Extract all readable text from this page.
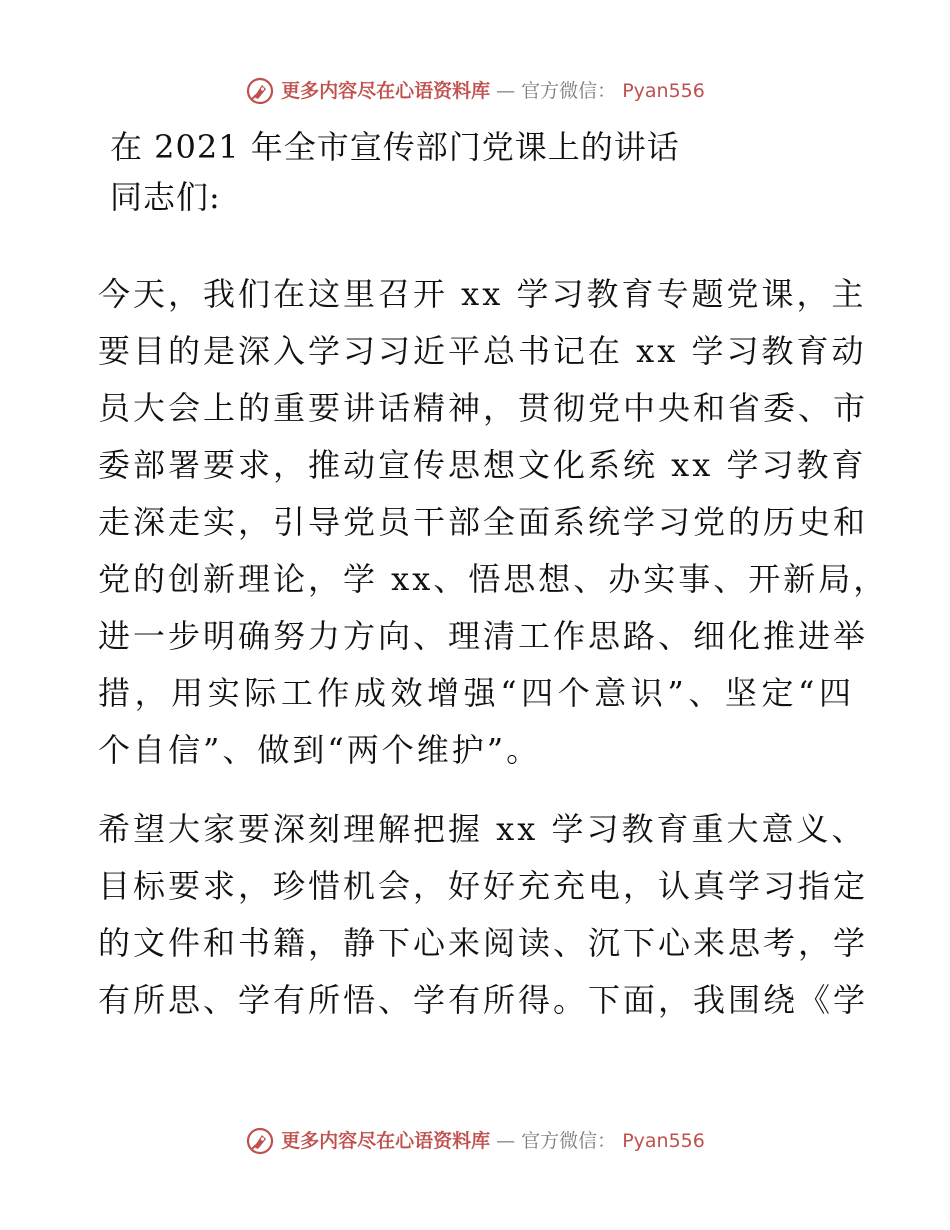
更多内容尽在心语资料库 — 官方微信： Pyan556
在 2021 年全市宣传部门党课上的讲话
同志们:
今天，我们在这里召开 xx 学习教育专题党课，主
要目的是深入学习习近平总书记在 xx 学习教育动
员大会上的重要讲话精神，贯彻党中央和省委、市
委部署要求，推动宣传思想文化系统 xx 学习教育
走深走实，引导党员干部全面系统学习党的历史和
党的创新理论，学 xx、悟思想、办实事、开新局，
进一步明确努力方向、理清工作思路、细化推进举
措，用实际工作成效增强“四个意识”、坚定“四
个自信”、做到“两个维护”。
希望大家要深刻理解把握 xx 学习教育重大意义、
目标要求，珍惜机会，好好充充电，认真学习指定
的文件和书籍，静下心来阅读、沉下心来思考，学
有所思、学有所悟、学有所得。下面，我围绕《学
更多内容尽在心语资料库 — 官方微信： Pyan556
